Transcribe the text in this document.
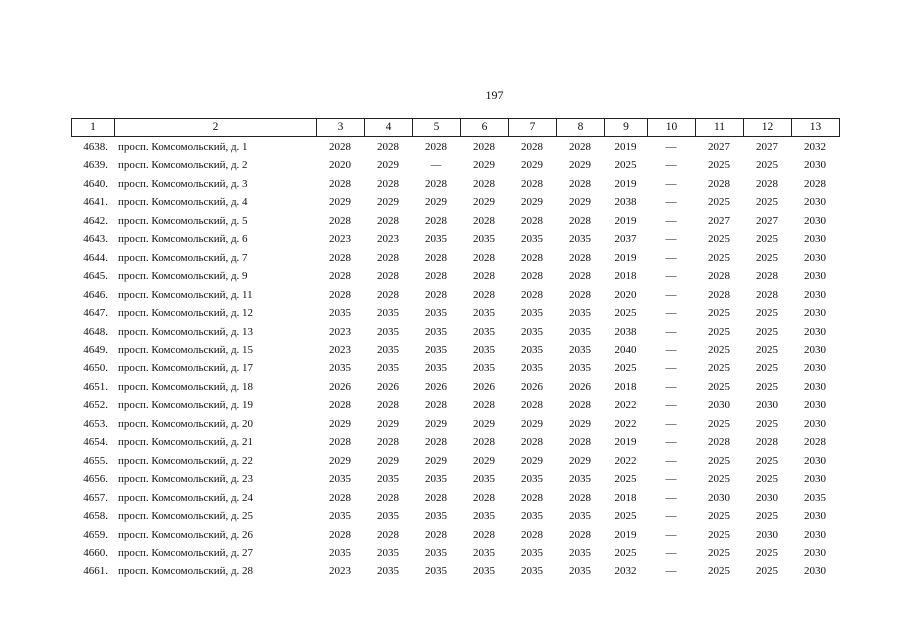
197
1	2	3	4	5	6	7	8	9	10	11	12	13
4638.	просп. Комсомольский, д. 1	2028	2028	2028	2028	2028	2028	2019	—	2027	2027	2032
4639.	просп. Комсомольский, д. 2	2020	2029	—	2029	2029	2029	2025	—	2025	2025	2030
4640.	просп. Комсомольский, д. 3	2028	2028	2028	2028	2028	2028	2019	—	2028	2028	2028
4641.	просп. Комсомольский, д. 4	2029	2029	2029	2029	2029	2029	2038	—	2025	2025	2030
4642.	просп. Комсомольский, д. 5	2028	2028	2028	2028	2028	2028	2019	—	2027	2027	2030
4643.	просп. Комсомольский, д. 6	2023	2023	2035	2035	2035	2035	2037	—	2025	2025	2030
4644.	просп. Комсомольский, д. 7	2028	2028	2028	2028	2028	2028	2019	—	2025	2025	2030
4645.	просп. Комсомольский, д. 9	2028	2028	2028	2028	2028	2028	2018	—	2028	2028	2030
4646.	просп. Комсомольский, д. 11	2028	2028	2028	2028	2028	2028	2020	—	2028	2028	2030
4647.	просп. Комсомольский, д. 12	2035	2035	2035	2035	2035	2035	2025	—	2025	2025	2030
4648.	просп. Комсомольский, д. 13	2023	2035	2035	2035	2035	2035	2038	—	2025	2025	2030
4649.	просп. Комсомольский, д. 15	2023	2035	2035	2035	2035	2035	2040	—	2025	2025	2030
4650.	просп. Комсомольский, д. 17	2035	2035	2035	2035	2035	2035	2025	—	2025	2025	2030
4651.	просп. Комсомольский, д. 18	2026	2026	2026	2026	2026	2026	2018	—	2025	2025	2030
4652.	просп. Комсомольский, д. 19	2028	2028	2028	2028	2028	2028	2022	—	2030	2030	2030
4653.	просп. Комсомольский, д. 20	2029	2029	2029	2029	2029	2029	2022	—	2025	2025	2030
4654.	просп. Комсомольский, д. 21	2028	2028	2028	2028	2028	2028	2019	—	2028	2028	2028
4655.	просп. Комсомольский, д. 22	2029	2029	2029	2029	2029	2029	2022	—	2025	2025	2030
4656.	просп. Комсомольский, д. 23	2035	2035	2035	2035	2035	2035	2025	—	2025	2025	2030
4657.	просп. Комсомольский, д. 24	2028	2028	2028	2028	2028	2028	2018	—	2030	2030	2035
4658.	просп. Комсомольский, д. 25	2035	2035	2035	2035	2035	2035	2025	—	2025	2025	2030
4659.	просп. Комсомольский, д. 26	2028	2028	2028	2028	2028	2028	2019	—	2025	2030	2030
4660.	просп. Комсомольский, д. 27	2035	2035	2035	2035	2035	2035	2025	—	2025	2025	2030
4661.	просп. Комсомольский, д. 28	2023	2035	2035	2035	2035	2035	2032	—	2025	2025	2030
